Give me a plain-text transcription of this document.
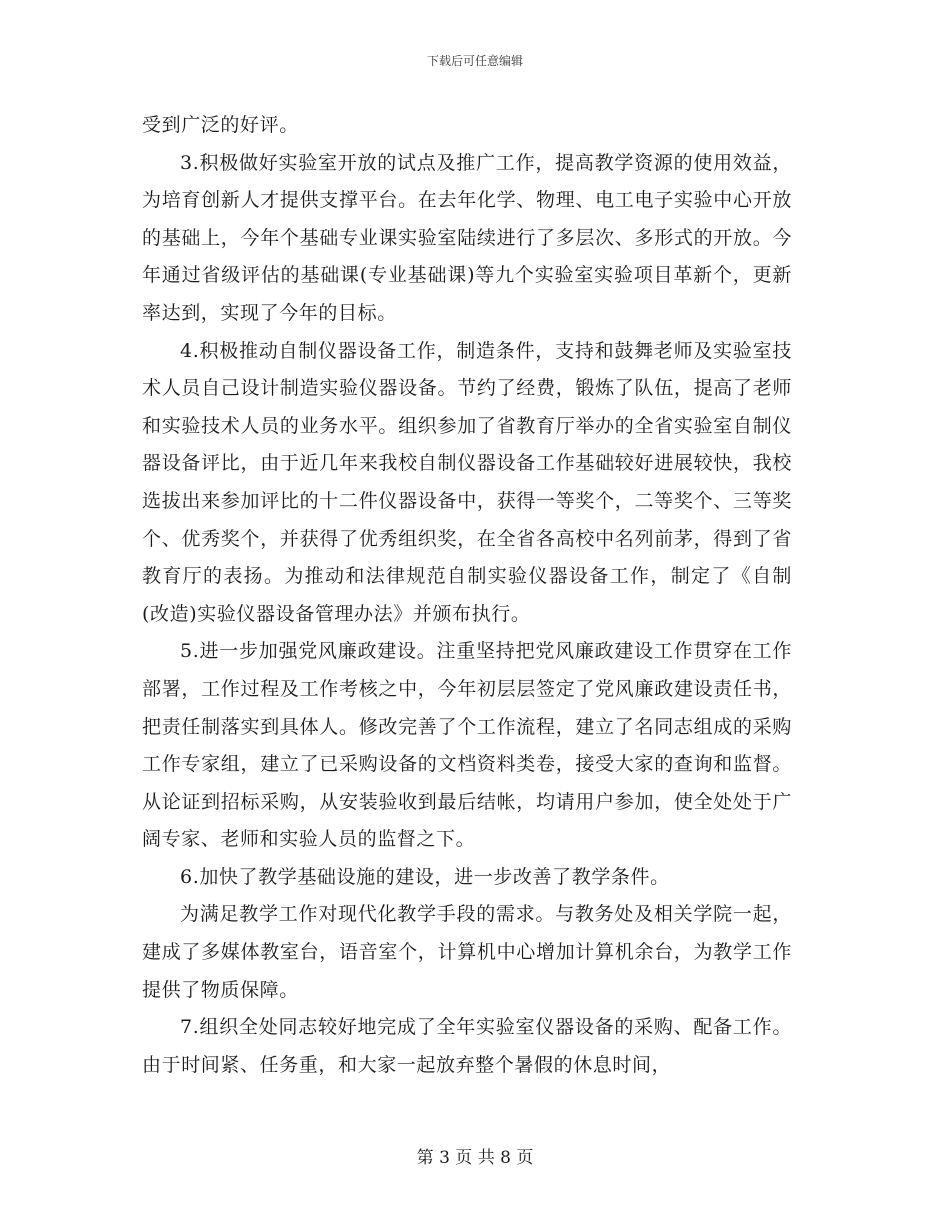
下载后可任意编辑

受到广泛的好评。

3.积极做好实验室开放的试点及推广工作，提高教学资源的使用效益，为培育创新人才提供支撑平台。在去年化学、物理、电工电子实验中心开放的基础上，今年个基础专业课实验室陆续进行了多层次、多形式的开放。今年通过省级评估的基础课(专业基础课)等九个实验室实验项目革新个，更新率达到，实现了今年的目标。

4.积极推动自制仪器设备工作，制造条件，支持和鼓舞老师及实验室技术人员自己设计制造实验仪器设备。节约了经费，锻炼了队伍，提高了老师和实验技术人员的业务水平。组织参加了省教育厅举办的全省实验室自制仪器设备评比，由于近几年来我校自制仪器设备工作基础较好进展较快，我校选拔出来参加评比的十二件仪器设备中，获得一等奖个，二等奖个、三等奖个、优秀奖个，并获得了优秀组织奖，在全省各高校中名列前茅，得到了省教育厅的表扬。为推动和法律规范自制实验仪器设备工作，制定了《自制(改造)实验仪器设备管理办法》并颁布执行。

5.进一步加强党风廉政建设。注重坚持把党风廉政建设工作贯穿在工作部署，工作过程及工作考核之中，今年初层层签定了党风廉政建设责任书，把责任制落实到具体人。修改完善了个工作流程，建立了名同志组成的采购工作专家组，建立了已采购设备的文档资料类卷，接受大家的查询和监督。从论证到招标采购，从安装验收到最后结帐，均请用户参加，使全处处于广阔专家、老师和实验人员的监督之下。

6.加快了教学基础设施的建设，进一步改善了教学条件。

为满足教学工作对现代化教学手段的需求。与教务处及相关学院一起，建成了多媒体教室台，语音室个，计算机中心增加计算机余台，为教学工作提供了物质保障。

7.组织全处同志较好地完成了全年实验室仪器设备的采购、配备工作。由于时间紧、任务重，和大家一起放弃整个暑假的休息时间，

第 3 页 共 8 页
